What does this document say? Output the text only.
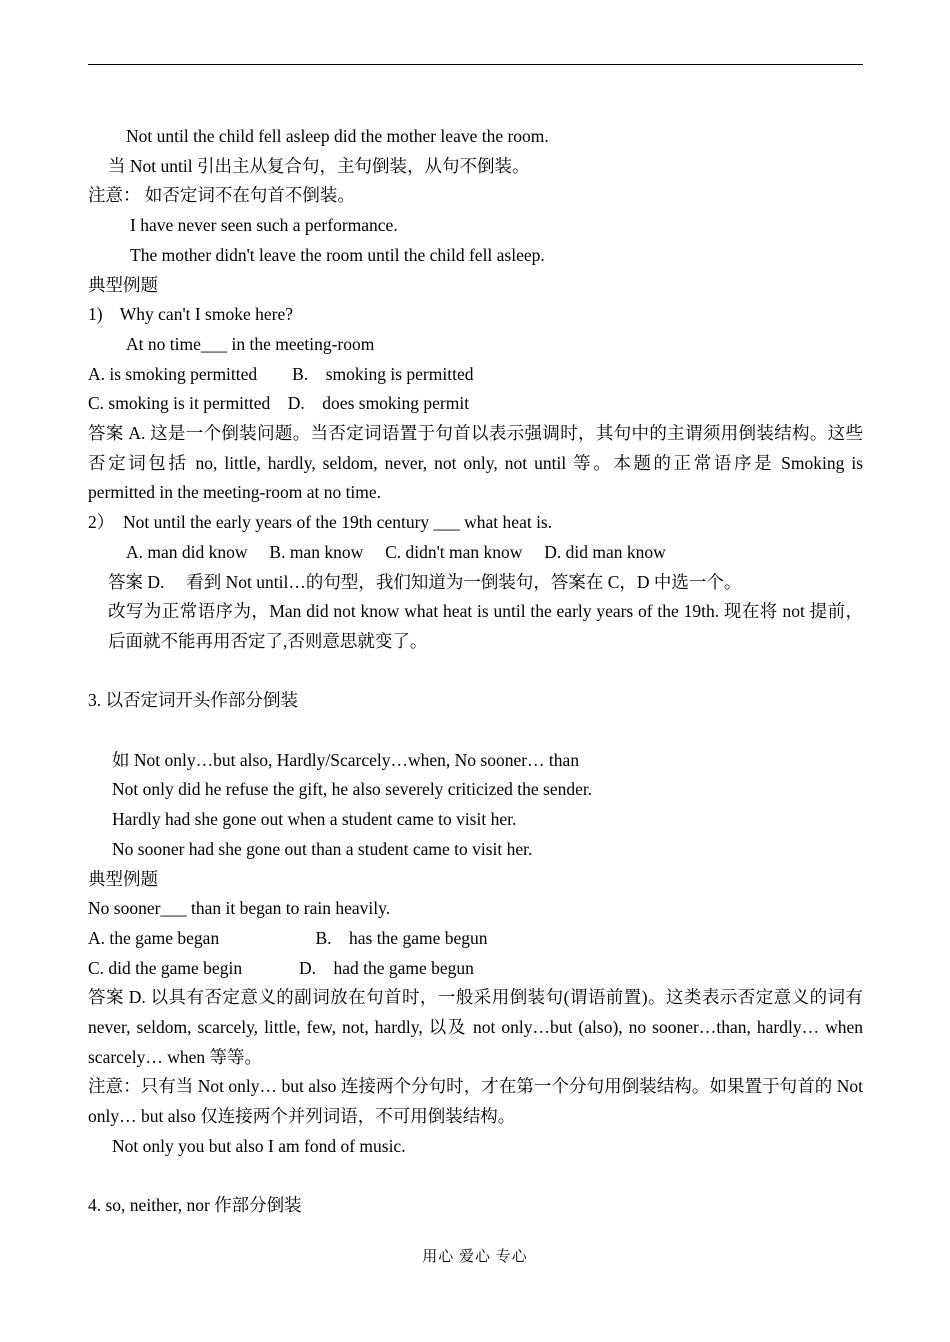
Not until the child fell asleep did the mother leave the room.
当 Not until 引出主从复合句，主句倒装，从句不倒装。
注意： 如否定词不在句首不倒装。
I have never seen such a performance.
The mother didn't leave the room until the child fell asleep.
典型例题
1)    Why can't I smoke here?
At no time___ in the meeting-room
A. is smoking permitted        B.    smoking is permitted
C. smoking is it permitted    D.    does smoking permit
答案 A. 这是一个倒装问题。当否定词语置于句首以表示强调时，其句中的主谓须用倒装结构。这些否定词包括 no, little, hardly, seldom, never, not only, not until 等。本题的正常语序是 Smoking is permitted in the meeting-room at no time.
2）  Not until the early years of the 19th century ___ what heat is.
A. man did know     B. man know     C. didn't man know     D. did man know
答案 D.     看到 Not until…的句型，我们知道为一倒装句，答案在 C，D 中选一个。
改写为正常语序为，Man did not know what heat is until the early years of the 19th. 现在将 not 提前，后面就不能再用否定了,否则意思就变了。
3. 以否定词开头作部分倒装
如 Not only…but also, Hardly/Scarcely…when, No sooner… than
Not only did he refuse the gift, he also severely criticized the sender.
Hardly had she gone out when a student came to visit her.
No sooner had she gone out than a student came to visit her.
典型例题
No sooner___ than it began to rain heavily.
A. the game began                      B.    has the game begun
C. did the game begin             D.    had the game begun
答案 D. 以具有否定意义的副词放在句首时，一般采用倒装句(谓语前置)。这类表示否定意义的词有 never, seldom, scarcely, little, few, not, hardly, 以及 not only…but (also), no sooner…than, hardly… when scarcely… when 等等。
注意：只有当 Not only… but also 连接两个分句时，才在第一个分句用倒装结构。如果置于句首的 Not only… but also 仅连接两个并列词语，不可用倒装结构。
Not only you but also I am fond of music.
4. so, neither, nor 作部分倒装
用心 爱心 专心
